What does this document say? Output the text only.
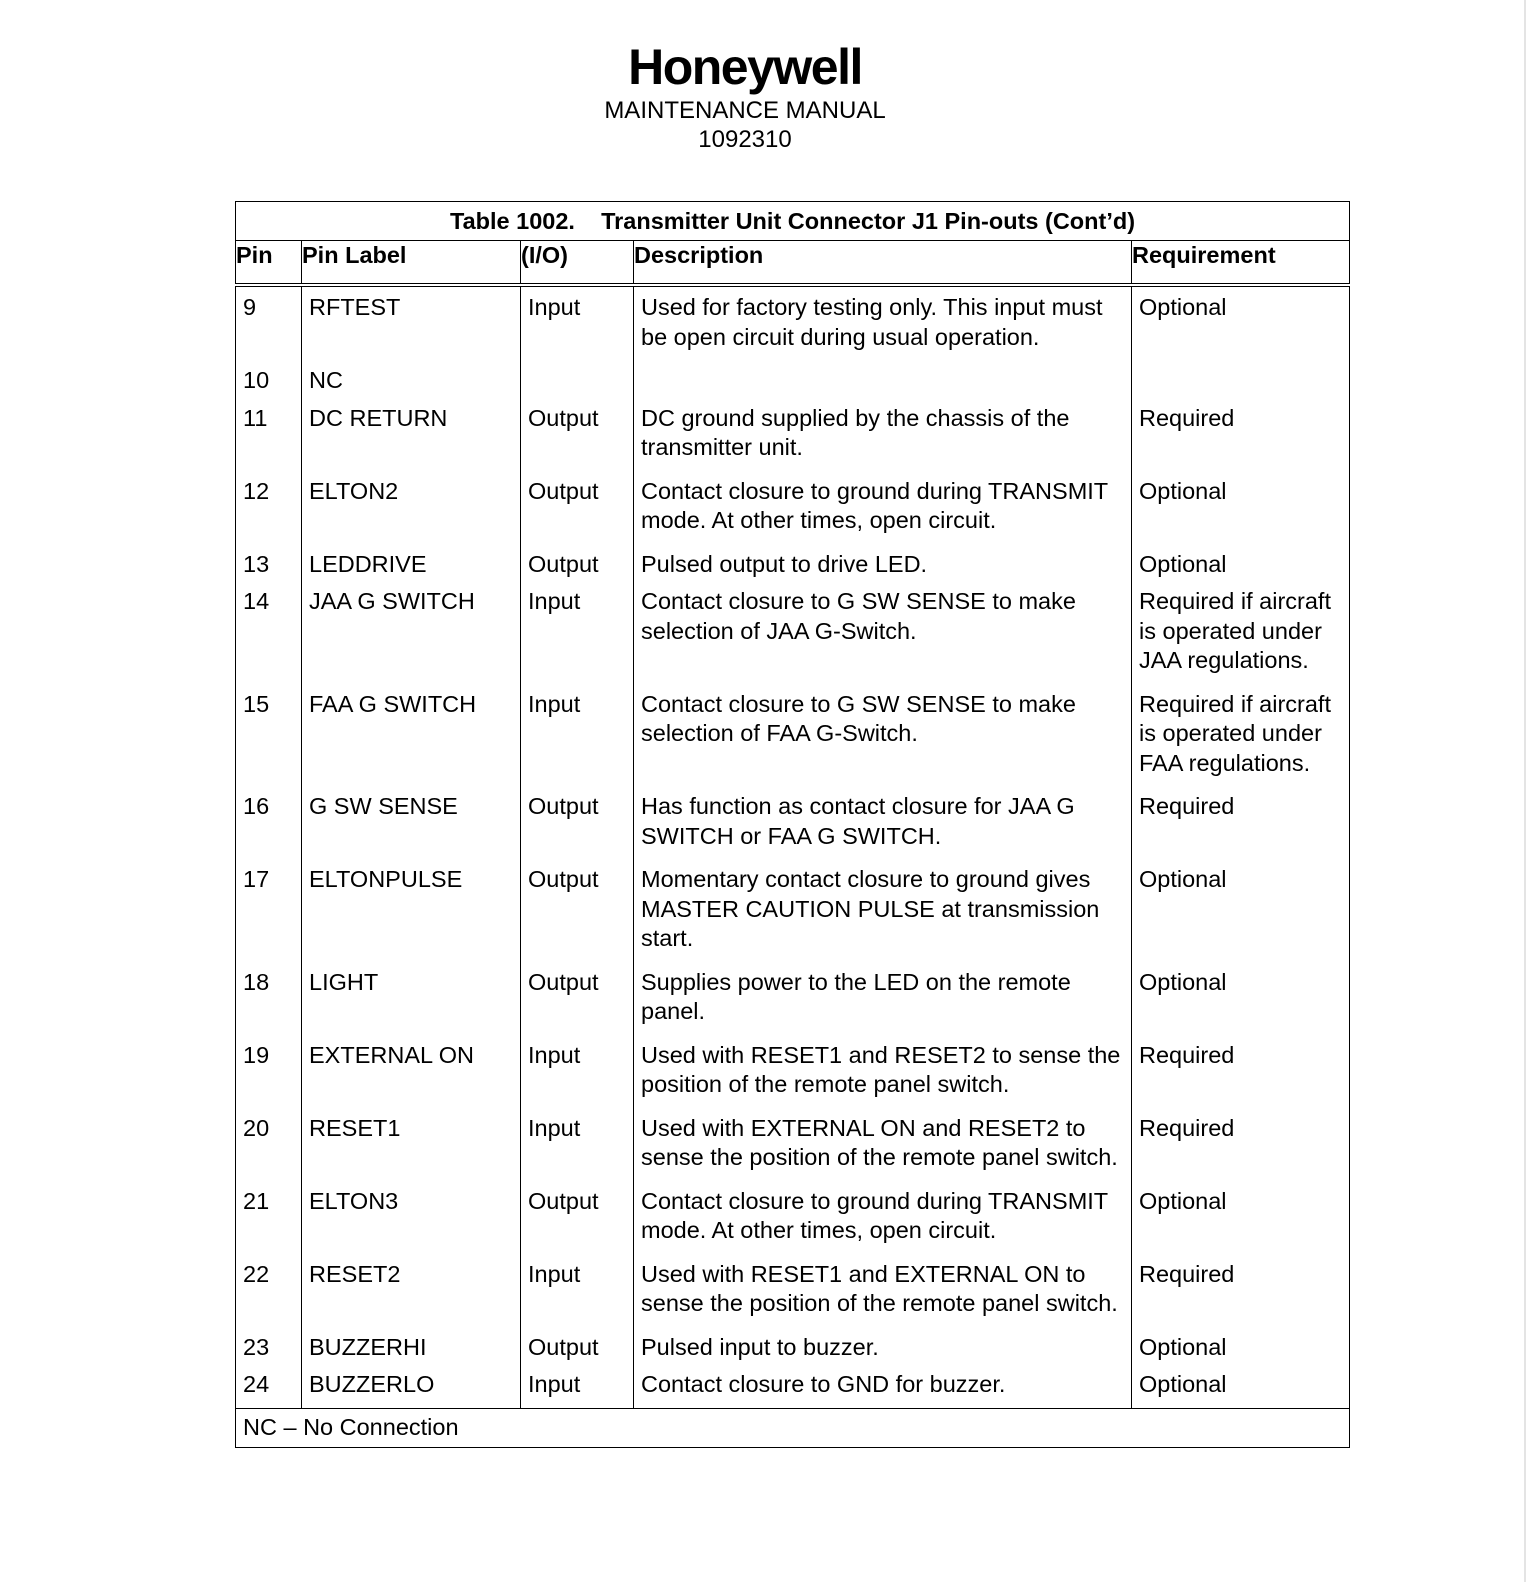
Honeywell
MAINTENANCE MANUAL
1092310
Table 1002.    Transmitter Unit Connector J1 Pin-outs (Cont’d)				
Pin	Pin Label	(I/O)	Description	Requirement
9	RFTEST	Input	Used for factory testing only. This input must be open circuit during usual operation.	Optional
10	NC			
11	DC RETURN	Output	DC ground supplied by the chassis of the transmitter unit.	Required
12	ELTON2	Output	Contact closure to ground during TRANSMIT mode. At other times, open circuit.	Optional
13	LEDDRIVE	Output	Pulsed output to drive LED.	Optional
14	JAA G SWITCH	Input	Contact closure to G SW SENSE to make selection of JAA G-Switch.	Required if aircraft is operated under JAA regulations.
15	FAA G SWITCH	Input	Contact closure to G SW SENSE to make selection of FAA G-Switch.	Required if aircraft is operated under FAA regulations.
16	G SW SENSE	Output	Has function as contact closure for JAA G SWITCH or FAA G SWITCH.	Required
17	ELTONPULSE	Output	Momentary contact closure to ground gives MASTER CAUTION PULSE at transmission start.	Optional
18	LIGHT	Output	Supplies power to the LED on the remote panel.	Optional
19	EXTERNAL ON	Input	Used with RESET1 and RESET2 to sense the position of the remote panel switch.	Required
20	RESET1	Input	Used with EXTERNAL ON and RESET2 to sense the position of the remote panel switch.	Required
21	ELTON3	Output	Contact closure to ground during TRANSMIT mode. At other times, open circuit.	Optional
22	RESET2	Input	Used with RESET1 and EXTERNAL ON to sense the position of the remote panel switch.	Required
23	BUZZERHI	Output	Pulsed input to buzzer.	Optional
24	BUZZERLO	Input	Contact closure to GND for buzzer.	Optional
NC – No Connection				
